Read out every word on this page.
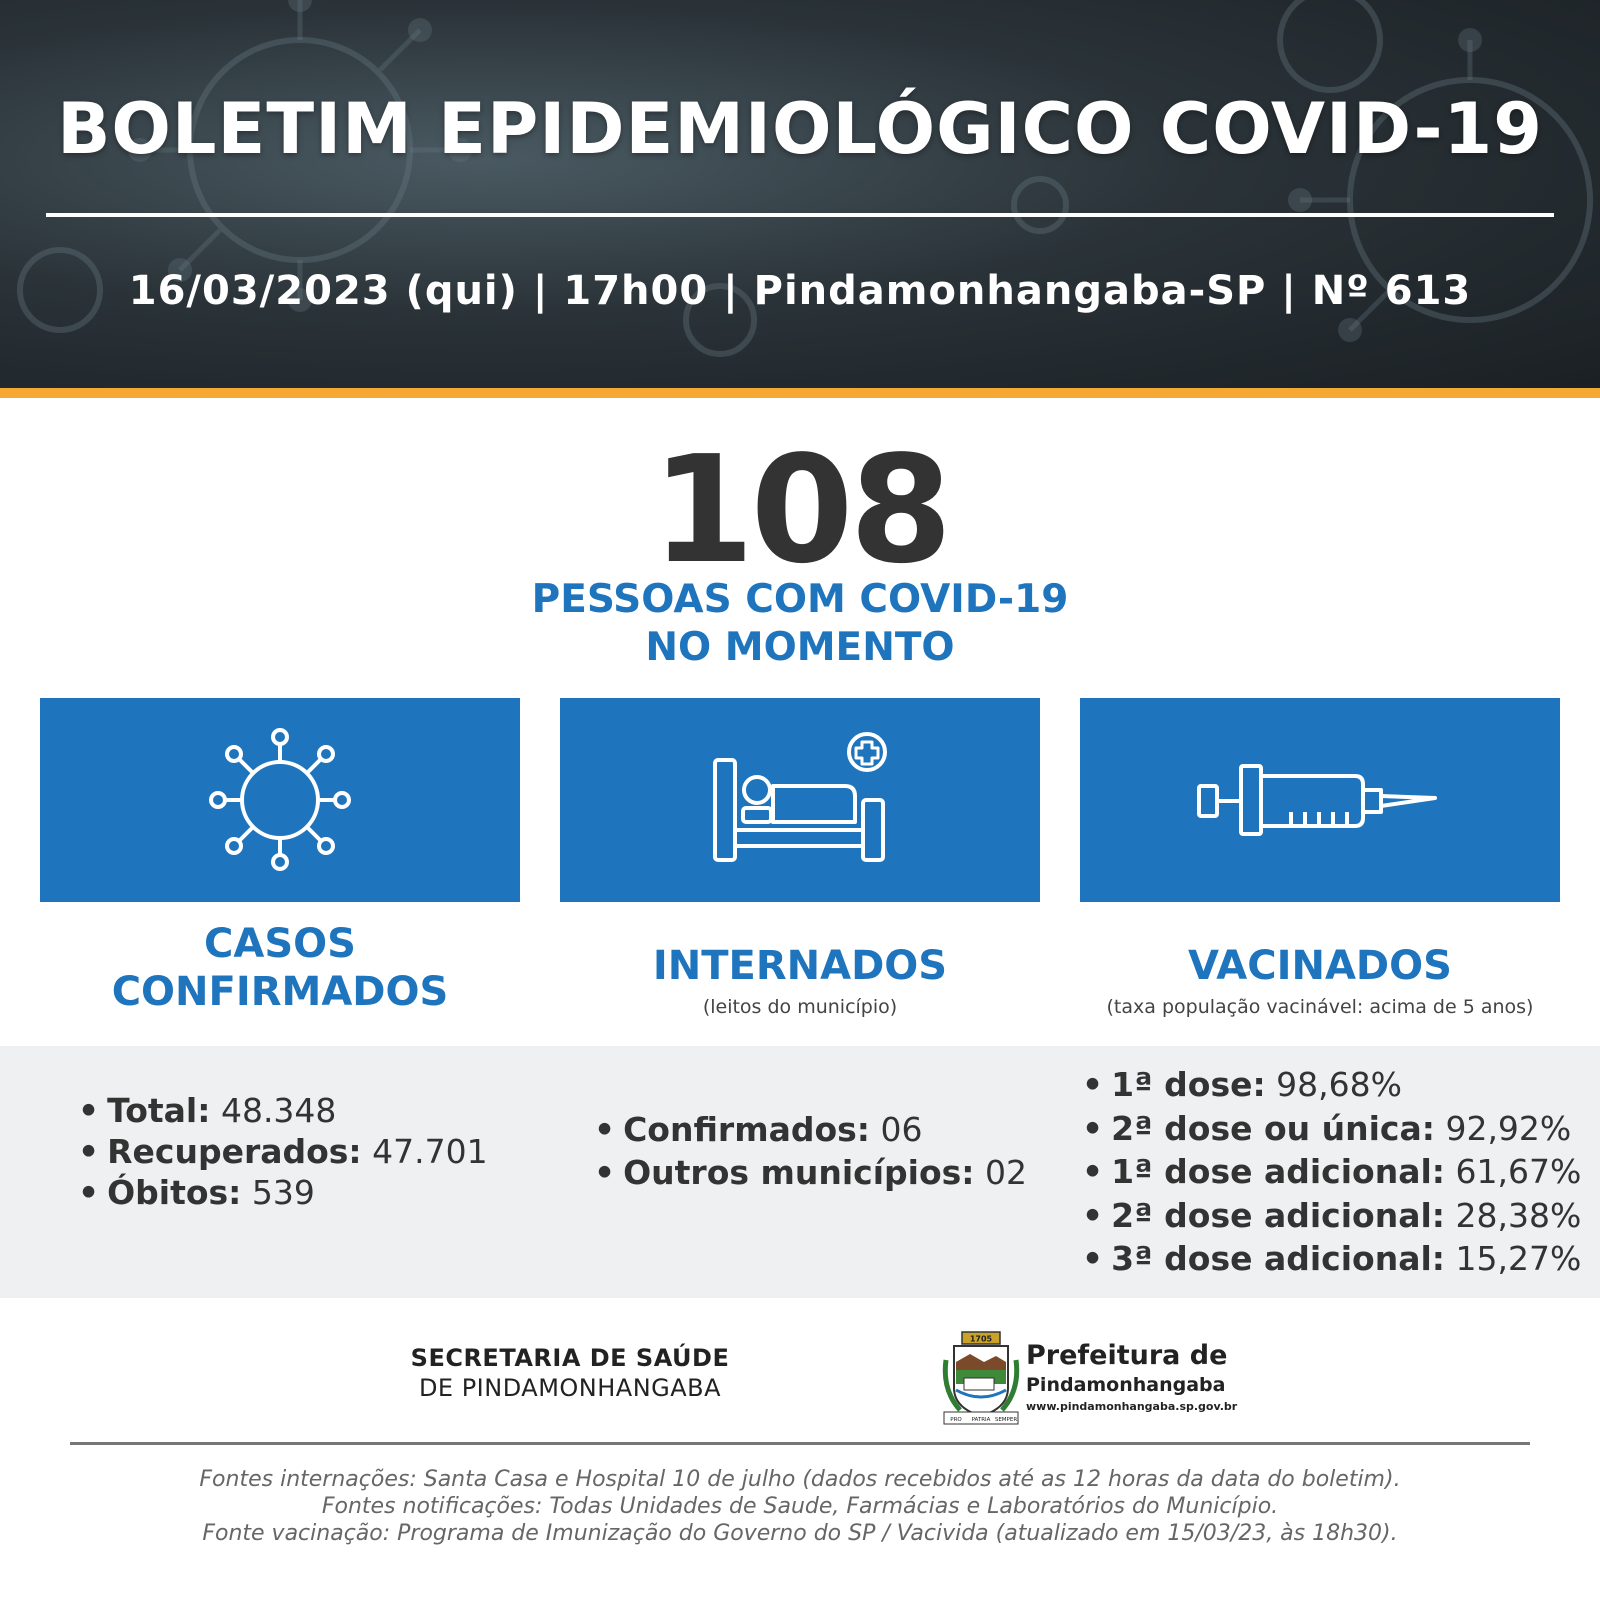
BOLETIM EPIDEMIOLÓGICO COVID-19
16/03/2023 (qui) | 17h00 | Pindamonhangaba-SP | Nº 613
108
PESSOAS COM COVID-19
NO MOMENTO
CASOS
CONFIRMADOS
INTERNADOS
(leitos do município)
VACINADOS
(taxa população vacinável: acima de 5 anos)
• Total: 48.348
• Recuperados: 47.701
• Óbitos: 539
• Confirmados: 06
• Outros municípios: 02
• 1ª dose: 98,68%
• 2ª dose ou única: 92,92%
• 1ª dose adicional: 61,67%
• 2ª dose adicional: 28,38%
• 3ª dose adicional: 15,27%
SECRETARIA DE SAÚDE
DE PINDAMONHANGABA
1705
PRO PATRIA SEMPER
Prefeitura de
Pindamonhangaba
www.pindamonhangaba.sp.gov.br
Fontes internações: Santa Casa e Hospital 10 de julho (dados recebidos até as 12 horas da data do boletim).
Fontes notificações: Todas Unidades de Saude, Farmácias e Laboratórios do Município.
Fonte vacinação: Programa de Imunização do Governo do SP / Vacivida (atualizado em 15/03/23, às 18h30).
